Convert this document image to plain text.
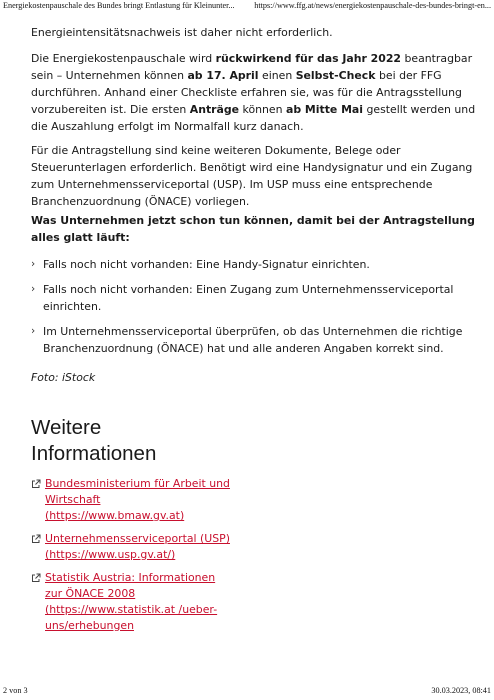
Energiekostenpauschale des Bundes bringt Entlastung für Kleinunter... https://www.ffg.at/news/energiekostenpauschale-des-bundes-bringt-en...

Energieintensitätsnachweis ist daher nicht erforderlich.

Die Energiekostenpauschale wird rückwirkend für das Jahr 2022 beantragbar sein – Unternehmen können ab 17. April einen Selbst-Check bei der FFG durchführen. Anhand einer Checkliste erfahren sie, was für die Antragsstellung vorzubereiten ist. Die ersten Anträge können ab Mitte Mai gestellt werden und die Auszahlung erfolgt im Normalfall kurz danach.

Für die Antragstellung sind keine weiteren Dokumente, Belege oder Steuerunterlagen erforderlich. Benötigt wird eine Handysignatur und ein Zugang zum Unternehmensserviceportal (USP). Im USP muss eine entsprechende Branchenzuordnung (ÖNACE) vorliegen.

Was Unternehmen jetzt schon tun können, damit bei der Antragstellung alles glatt läuft:

› Falls noch nicht vorhanden: Eine Handy-Signatur einrichten.
› Falls noch nicht vorhanden: Einen Zugang zum Unternehmensserviceportal einrichten.
› Im Unternehmensserviceportal überprüfen, ob das Unternehmen die richtige Branchenzuordnung (ÖNACE) hat und alle anderen Angaben korrekt sind.
Foto: iStock
Weitere Informationen
Bundesministerium für Arbeit und Wirtschaft (https://www.bmaw.gv.at)
Unternehmensserviceportal (USP) (https://www.usp.gv.at/)
Statistik Austria: Informationen zur ÖNACE 2008 (https://www.statistik.at /ueber-uns/erhebungen
2 von 3	30.03.2023, 08:41
